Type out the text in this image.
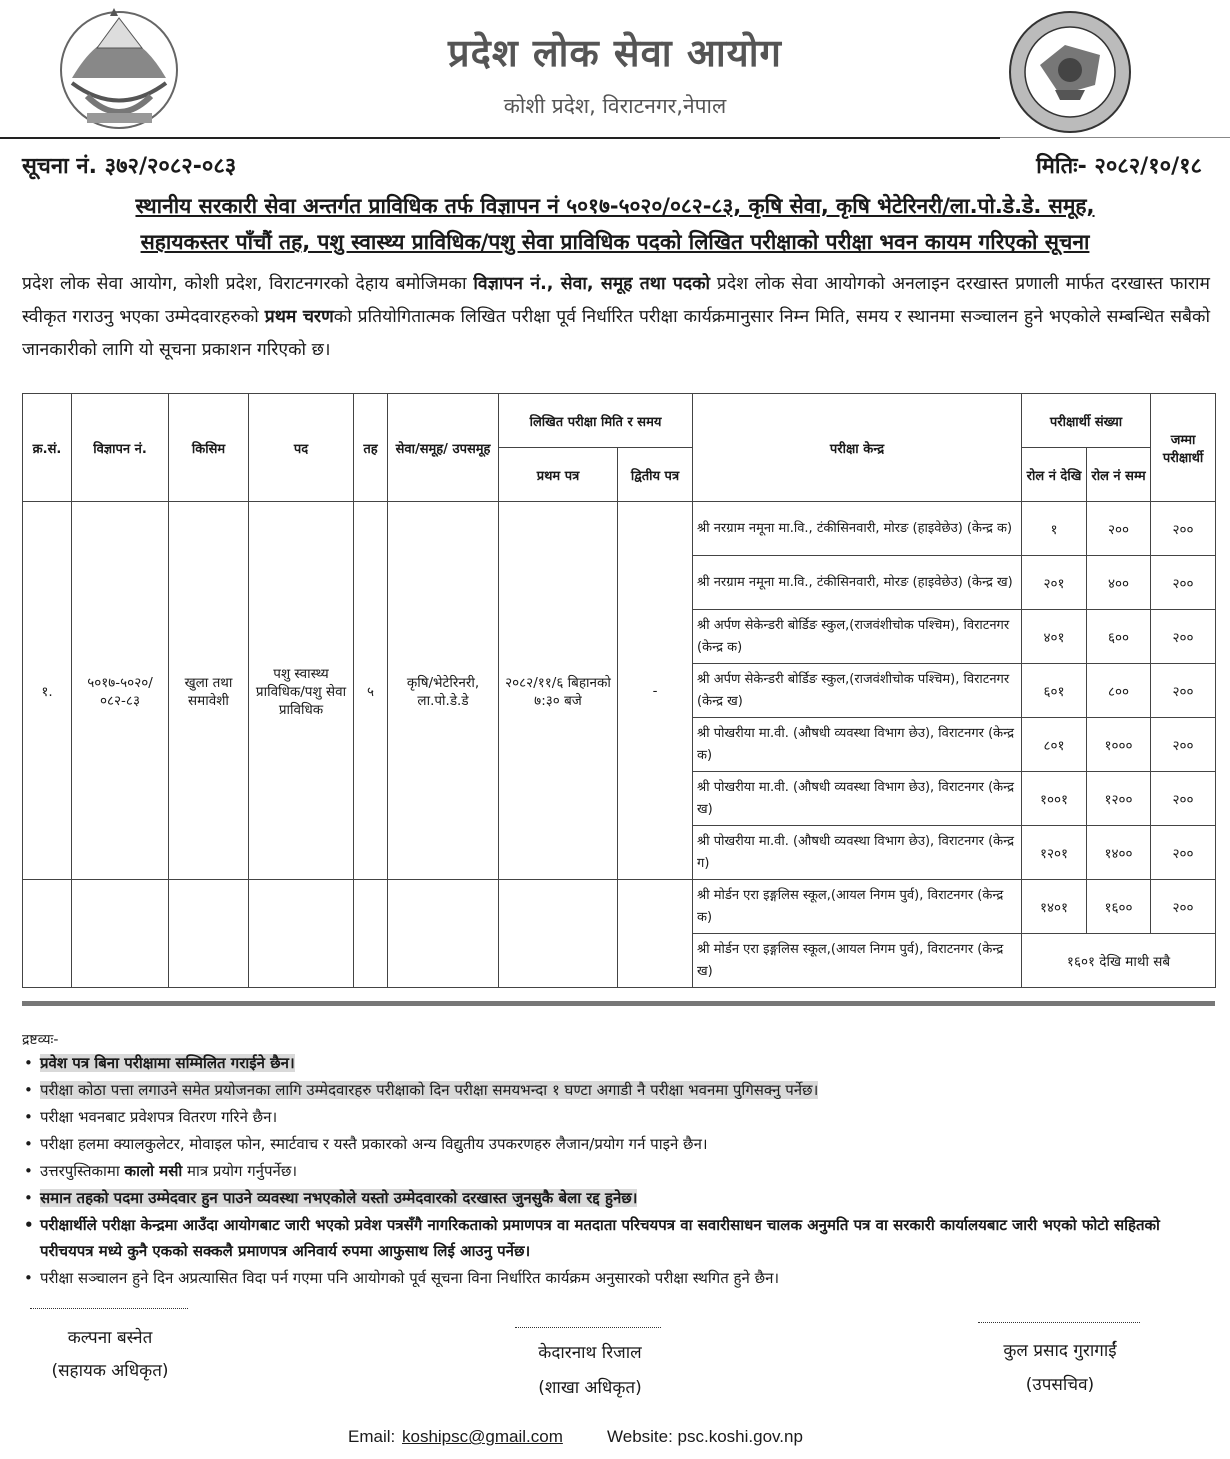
प्रदेश लोक सेवा आयोग
कोशी प्रदेश, विराटनगर,नेपाल
सूचना नं. ३७२/२०८२-०८३	मितिः- २०८२/१०/१८
स्थानीय सरकारी सेवा अन्तर्गत प्राविधिक तर्फ विज्ञापन नं ५०१७-५०२०/०८२-८३, कृषि सेवा, कृषि भेटेरिनरी/ला.पो.डे.डे. समूह,
सहायकस्तर पाँचौं तह, पशु स्वास्थ्य प्राविधिक/पशु सेवा प्राविधिक पदको लिखित परीक्षाको परीक्षा भवन कायम गरिएको सूचना
प्रदेश लोक सेवा आयोग, कोशी प्रदेश, विराटनगरको देहाय बमोजिमका विज्ञापन नं., सेवा, समूह तथा पदको प्रदेश लोक सेवा आयोगको अनलाइन दरखास्त प्रणाली मार्फत दरखास्त फाराम स्वीकृत गराउनु भएका उम्मेदवारहरुको प्रथम चरणको प्रतियोगितात्मक लिखित परीक्षा पूर्व निर्धारित परीक्षा कार्यक्रमानुसार निम्न मिति, समय र स्थानमा सञ्चालन हुने भएकोले सम्बन्धित सबैको जानकारीको लागि यो सूचना प्रकाशन गरिएको छ।
क्र.सं.	विज्ञापन नं.	किसिम	पद	तह	सेवा/समूह/ उपसमूह	लिखित परीक्षा मिति र समय		परीक्षा केन्द्र	परीक्षार्थी संख्या		जम्मा परीक्षार्थी
						प्रथम पत्र	द्वितीय पत्र		रोल नं देखि	रोल नं सम्म	
१.	५०१७-५०२०/ ०८२-८३	खुला तथा समावेशी	पशु स्वास्थ्य प्राविधिक/पशु सेवा प्राविधिक	५	कृषि/भेटेरिनरी, ला.पो.डे.डे	२०८२/११/६ बिहानको ७:३० बजे	-	श्री नरग्राम नमूना मा.वि., टंकीसिनवारी, मोरङ (हाइवेछेउ) (केन्द्र क)	१	२००	२००
								श्री नरग्राम नमूना मा.वि., टंकीसिनवारी, मोरङ (हाइवेछेउ) (केन्द्र ख)	२०१	४००	२००
								श्री अर्पण सेकेन्डरी बोर्डिङ स्कुल,(राजवंशीचोक पश्चिम), विराटनगर (केन्द्र क)	४०१	६००	२००
								श्री अर्पण सेकेन्डरी बोर्डिङ स्कुल,(राजवंशीचोक पश्चिम), विराटनगर (केन्द्र ख)	६०१	८००	२००
								श्री पोखरीया मा.वी. (औषधी व्यवस्था विभाग छेउ), विराटनगर (केन्द्र क)	८०१	१०००	२००
								श्री पोखरीया मा.वी. (औषधी व्यवस्था विभाग छेउ), विराटनगर (केन्द्र ख)	१००१	१२००	२००
								श्री पोखरीया मा.वी. (औषधी व्यवस्था विभाग छेउ), विराटनगर (केन्द्र ग)	१२०१	१४००	२००
								श्री मोर्डन एरा इङ्गलिस स्कूल,(आयल निगम पुर्व), विराटनगर (केन्द्र क)	१४०१	१६००	२००
								श्री मोर्डन एरा इङ्गलिस स्कूल,(आयल निगम पुर्व), विराटनगर (केन्द्र ख)	१६०१ देखि माथी सबै		
द्रष्टव्यः-
• प्रवेश पत्र बिना परीक्षामा सम्मिलित गराईने छैन।
• परीक्षा कोठा पत्ता लगाउने समेत प्रयोजनका लागि उम्मेदवारहरु परीक्षाको दिन परीक्षा समयभन्दा १ घण्टा अगाडी नै परीक्षा भवनमा पुगिसक्नु पर्नेछ।
• परीक्षा भवनबाट प्रवेशपत्र वितरण गरिने छैन।
• परीक्षा हलमा क्यालकुलेटर, मोवाइल फोन, स्मार्टवाच र यस्तै प्रकारको अन्य विद्युतीय उपकरणहरु लैजान/प्रयोग गर्न पाइने छैन।
• उत्तरपुस्तिकामा कालो मसी मात्र प्रयोग गर्नुपर्नेछ।
• समान तहको पदमा उम्मेदवार हुन पाउने व्यवस्था नभएकोले यस्तो उम्मेदवारको दरखास्त जुनसुकै बेला रद्द हुनेछ।
• परीक्षार्थीले परीक्षा केन्द्रमा आउँदा आयोगबाट जारी भएको प्रवेश पत्रसँगै नागरिकताको प्रमाणपत्र वा मतदाता परिचयपत्र वा सवारीसाधन चालक अनुमति पत्र वा सरकारी कार्यालयबाट जारी भएको फोटो सहितको परीचयपत्र मध्ये कुनै एकको सक्कलै प्रमाणपत्र अनिवार्य रुपमा आफुसाथ लिई आउनु पर्नेछ।
• परीक्षा सञ्चालन हुने दिन अप्रत्यासित विदा पर्न गएमा पनि आयोगको पूर्व सूचना विना निर्धारित कार्यक्रम अनुसारको परीक्षा स्थगित हुने छैन।
कल्पना बस्नेत
(सहायक अधिकृत)
केदारनाथ रिजाल
(शाखा अधिकृत)
कुल प्रसाद गुरागाईं
(उपसचिव)
Email: koshipsc@gmail.com	Website: psc.koshi.gov.np
